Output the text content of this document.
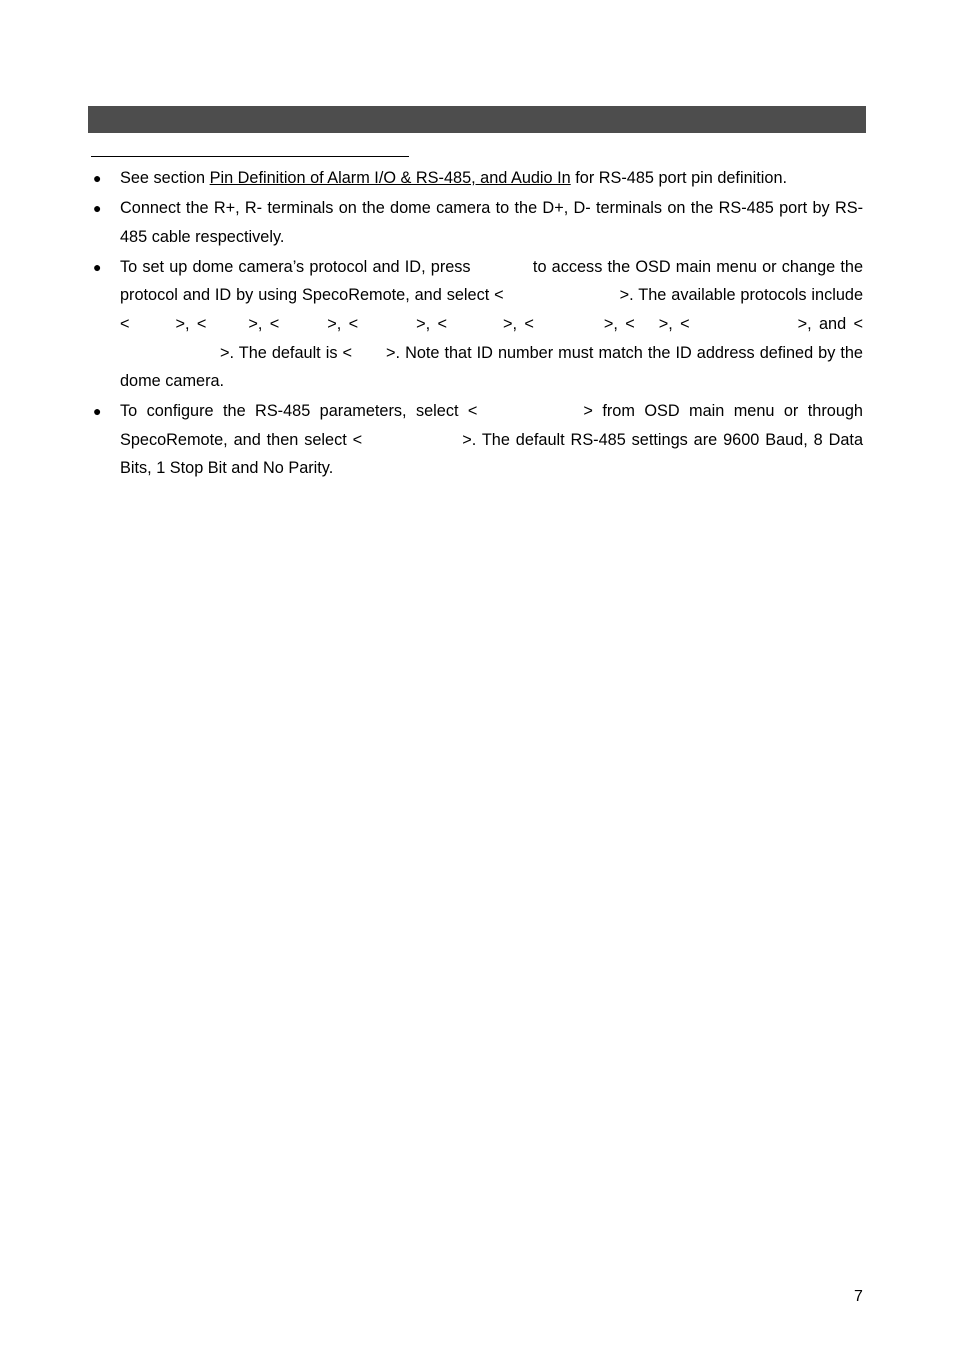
● See section Pin Definition of Alarm I/O & RS-485, and Audio In for RS-485 port pin definition.
● Connect the R+, R- terminals on the dome camera to the D+, D- terminals on the RS-485 port by RS-485 cable respectively.
● To set up dome camera’s protocol and ID, press	to access the OSD main menu or change the protocol and ID by using SpecoRemote, and select <	>. The available protocols include <	>, <	>, <	>, <	>, <	>, <	>, < >, <	>, and <>. The default is < >. Note that ID number must match the ID address defined by the dome camera.
● To configure the RS-485 parameters, select <	> from OSD main menu or through SpecoRemote, and then select <	>. The default RS-485 settings are 9600 Baud, 8 Data Bits, 1 Stop Bit and No Parity.
7
